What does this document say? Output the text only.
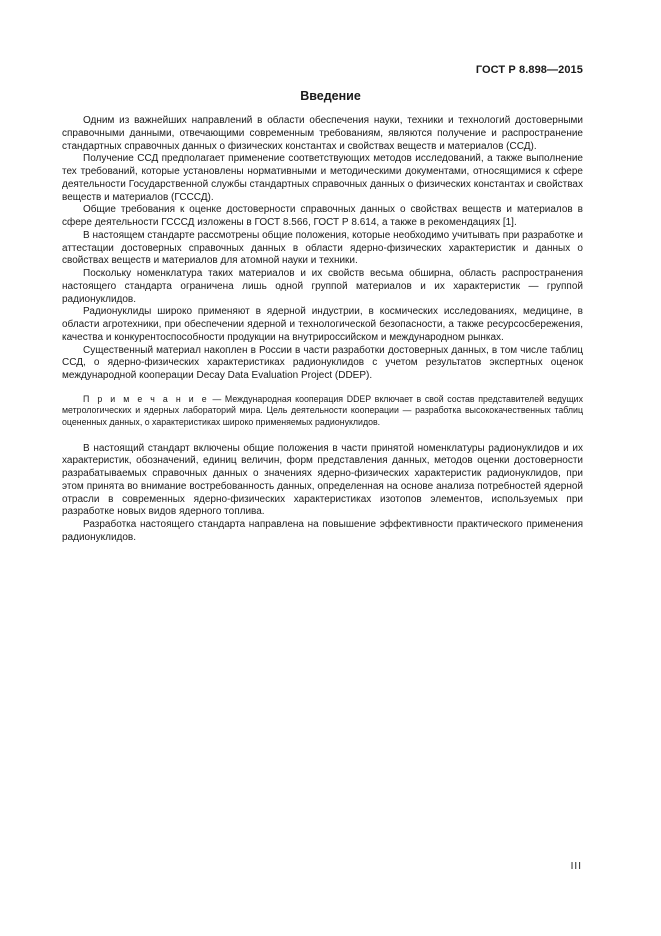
ГОСТ Р 8.898—2015
Введение

Одним из важнейших направлений в области обеспечения науки, техники и технологий достоверными справочными данными, отвечающими современным требованиям, являются получение и распространение стандартных справочных данных о физических константах и свойствах веществ и материалов (ССД).

Получение ССД предполагает применение соответствующих методов исследований, а также выполнение тех требований, которые установлены нормативными и методическими документами, относящимися к сфере деятельности Государственной службы стандартных справочных данных о физических константах и свойствах веществ и материалов (ГСССД).

Общие требования к оценке достоверности справочных данных о свойствах веществ и материалов в сфере деятельности ГСССД изложены в ГОСТ 8.566, ГОСТ Р 8.614, а также в рекомендациях [1].

В настоящем стандарте рассмотрены общие положения, которые необходимо учитывать при разработке и аттестации достоверных справочных данных в области ядерно-физических характеристик и данных о свойствах веществ и материалов для атомной науки и техники.

Поскольку номенклатура таких материалов и их свойств весьма обширна, область распространения настоящего стандарта ограничена лишь одной группой материалов и их характеристик — группой радионуклидов.

Радионуклиды широко применяют в ядерной индустрии, в космических исследованиях, медицине, в области агротехники, при обеспечении ядерной и технологической безопасности, а также ресурсосбережения, качества и конкурентоспособности продукции на внутрироссийском и международном рынках.

Существенный материал накоплен в России в части разработки достоверных данных, в том числе таблиц ССД, о ядерно-физических характеристиках радионуклидов с учетом результатов экспертных оценок международной кооперации Decay Data Evaluation Project (DDEP).

П р и м е ч а н и е — Международная кооперация DDEP включает в свой состав представителей ведущих метрологических и ядерных лабораторий мира. Цель деятельности кооперации — разработка высококачественных таблиц оцененных данных, о характеристиках широко применяемых радионуклидов.

В настоящий стандарт включены общие положения в части принятой номенклатуры радионуклидов и их характеристик, обозначений, единиц величин, форм представления данных, методов оценки достоверности разрабатываемых справочных данных о значениях ядерно-физических характеристик радионуклидов, при этом принята во внимание востребованность данных, определенная на основе анализа потребностей ядерной отрасли в современных ядерно-физических характеристиках изотопов элементов, используемых при разработке новых видов ядерного топлива.

Разработка настоящего стандарта направлена на повышение эффективности практического применения радионуклидов.

III
